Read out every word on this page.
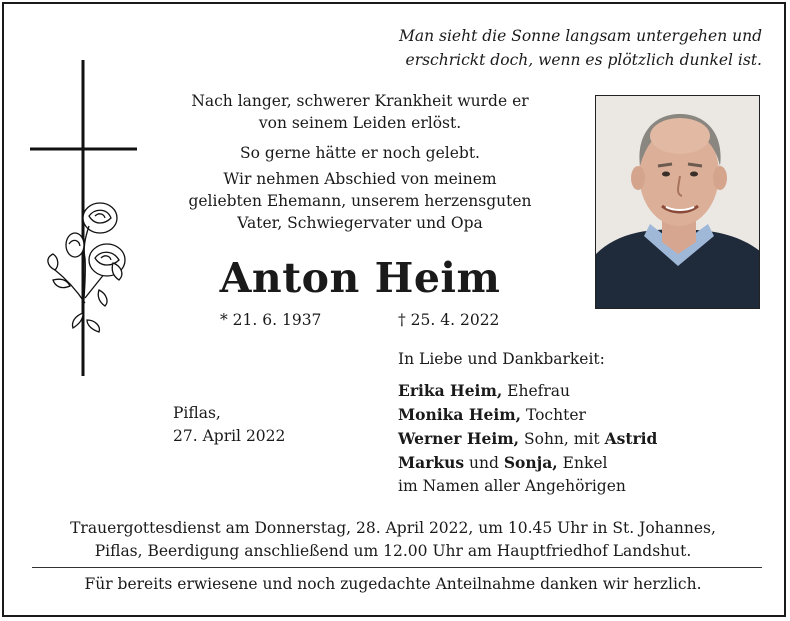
Man sieht die Sonne langsam untergehen und
erschrickt doch, wenn es plötzlich dunkel ist.
Nach langer, schwerer Krankheit wurde er
von seinem Leiden erlöst.
So gerne hätte er noch gelebt.
Wir nehmen Abschied von meinem
geliebten Ehemann, unserem herzensguten
Vater, Schwiegervater und Opa
Anton Heim
* 21. 6. 1937	† 25. 4. 2022
Piflas,
27. April 2022
In Liebe und Dankbarkeit:
Erika Heim, Ehefrau
Monika Heim, Tochter
Werner Heim, Sohn, mit Astrid
Markus und Sonja, Enkel
im Namen aller Angehörigen
Trauergottesdienst am Donnerstag, 28. April 2022, um 10.45 Uhr in St. Johannes,
Piflas, Beerdigung anschließend um 12.00 Uhr am Hauptfriedhof Landshut.
Für bereits erwiesene und noch zugedachte Anteilnahme danken wir herzlich.
